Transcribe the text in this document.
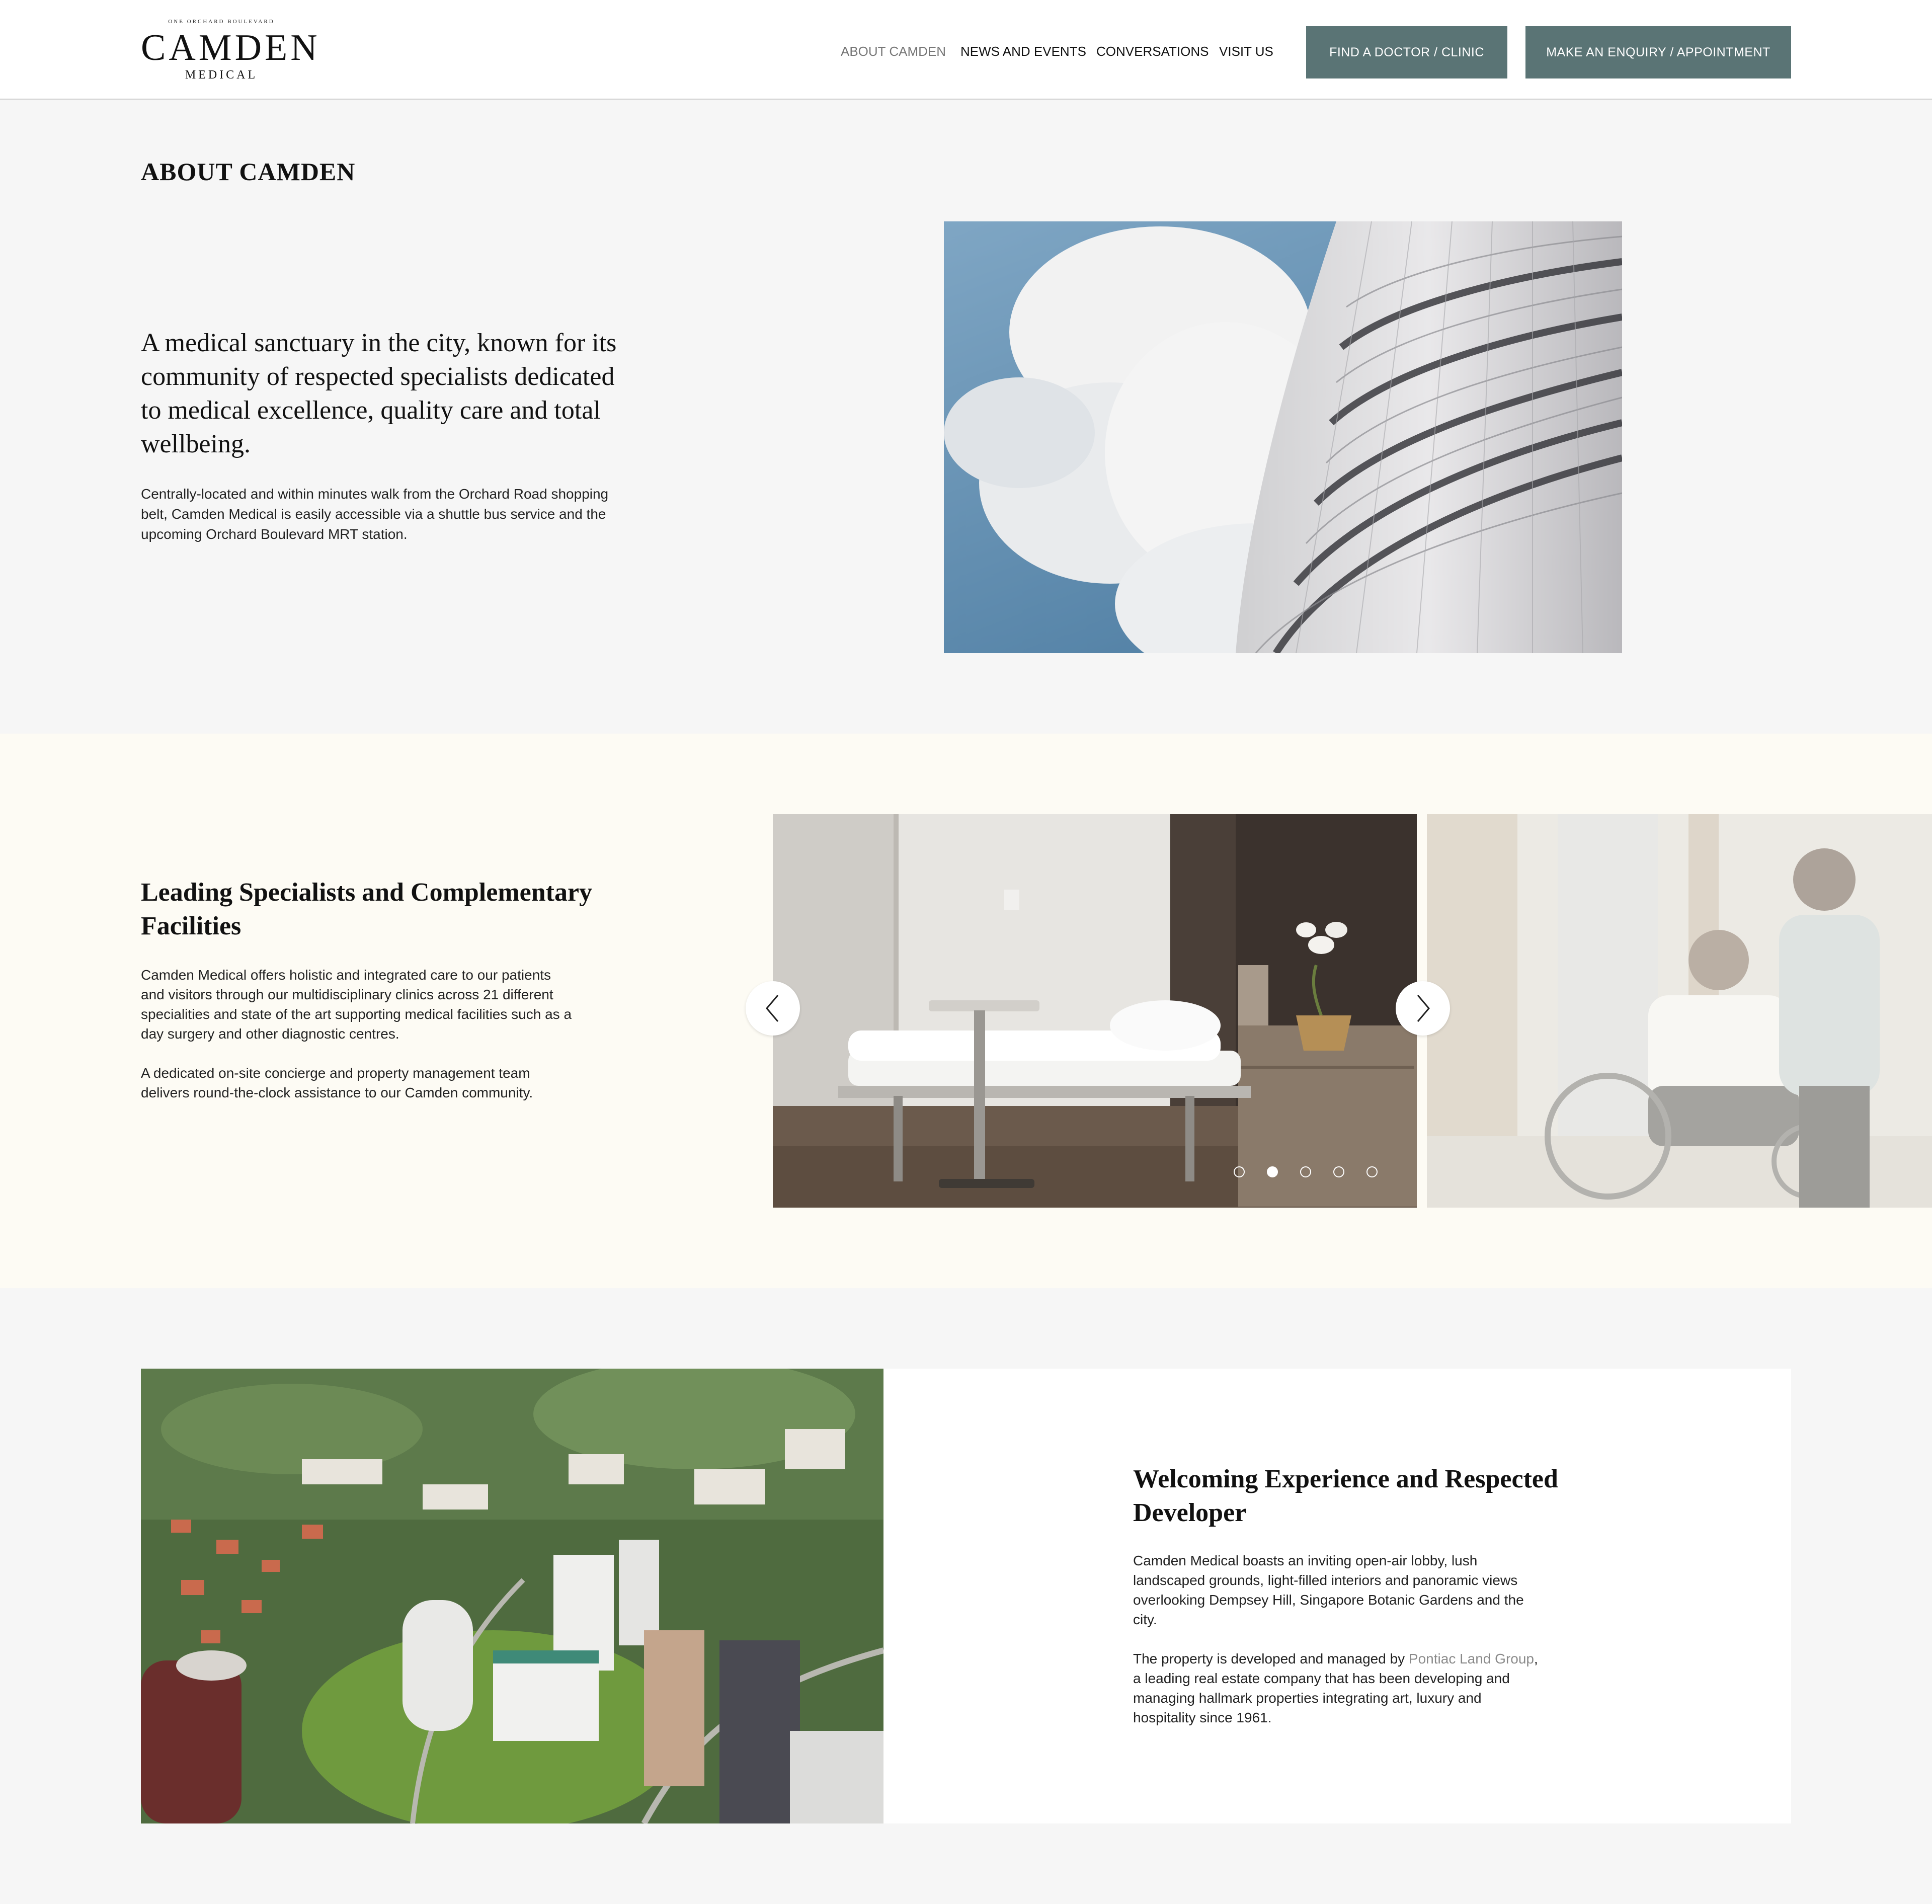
ONE ORCHARD BOULEVARD
CAMDEN
MEDICAL
ABOUT CAMDEN NEWS AND EVENTS CONVERSATIONS VISIT US	FIND A DOCTOR / CLINIC	MAKE AN ENQUIRY / APPOINTMENT
ABOUT CAMDEN

A medical sanctuary in the city, known for its community of respected specialists dedicated to medical excellence, quality care and total wellbeing.

Centrally-located and within minutes walk from the Orchard Road shopping belt, Camden Medical is easily accessible via a shuttle bus service and the upcoming Orchard Boulevard MRT station.

Leading Specialists and Complementary Facilities

Camden Medical offers holistic and integrated care to our patients and visitors through our multidisciplinary clinics across 21 different specialities and state of the art supporting medical facilities such as a day surgery and other diagnostic centres.

A dedicated on-site concierge and property management team delivers round-the-clock assistance to our Camden community.

Welcoming Experience and Respected Developer

Camden Medical boasts an inviting open-air lobby, lush landscaped grounds, light-filled interiors and panoramic views overlooking Dempsey Hill, Singapore Botanic Gardens and the city.

The property is developed and managed by Pontiac Land Group, a leading real estate company that has been developing and managing hallmark properties integrating art, luxury and hospitality since 1961.
